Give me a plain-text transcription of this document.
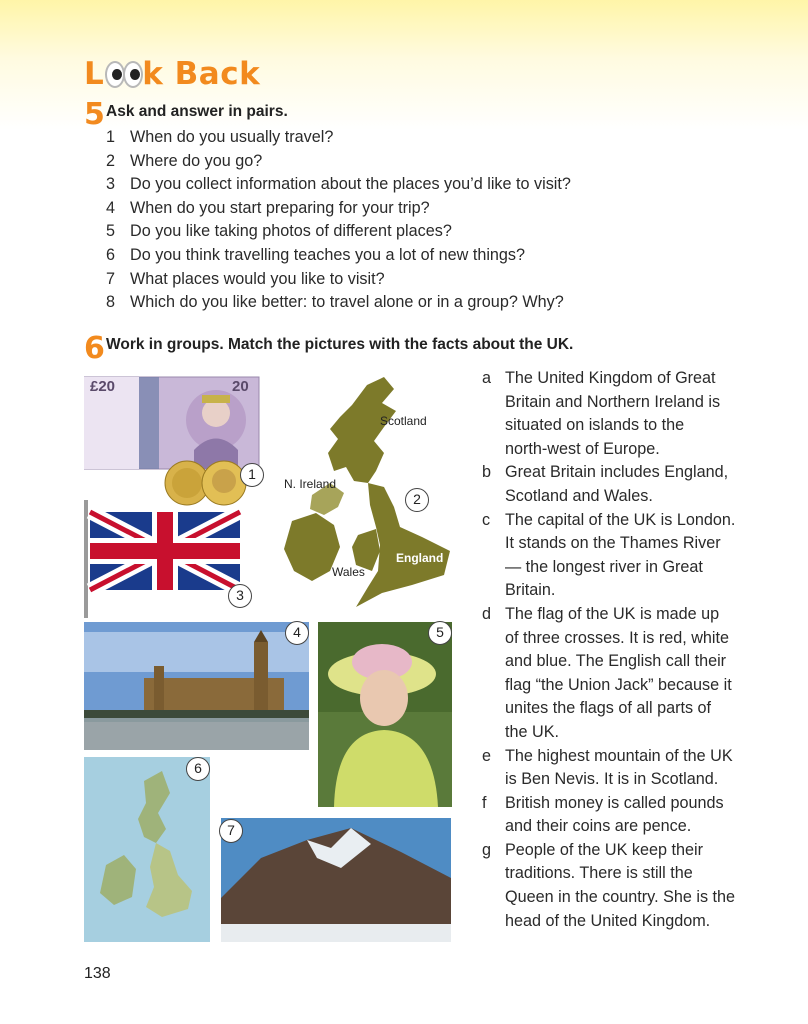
L k Back
5 Ask and answer in pairs.
1 When do you usually travel?
2 Where do you go?
3 Do you collect information about the places you’d like to visit?
4 When do you start preparing for your trip?
5 Do you like taking photos of different places?
6 Do you think travelling teaches you a lot of new things?
7 What places would you like to visit?
8 Which do you like better: to travel alone or in a group? Why?
6 Work in groups. Match the pictures with the facts about the UK.
£20	20
1
Scotland
N. Ireland
Wales
England
2
3
4	5
6
7
a The United Kingdom of Great
Britain and Northern Ireland is
situated on islands to the
north-west of Europe.
b Great Britain includes England,
Scotland and Wales.
c The capital of the UK is London.
It stands on the Thames River
— the longest river in Great
Britain.
d The flag of the UK is made up
of three crosses. It is red, white
and blue. The English call their
flag “the Union Jack” because it
unites the flags of all parts of
the UK.
e The highest mountain of the UK
is Ben Nevis. It is in Scotland.
f	British money is called pounds
and their coins are pence.
g People of the UK keep their
traditions. There is still the
Queen in the country. She is the
head of the United Kingdom.
138
